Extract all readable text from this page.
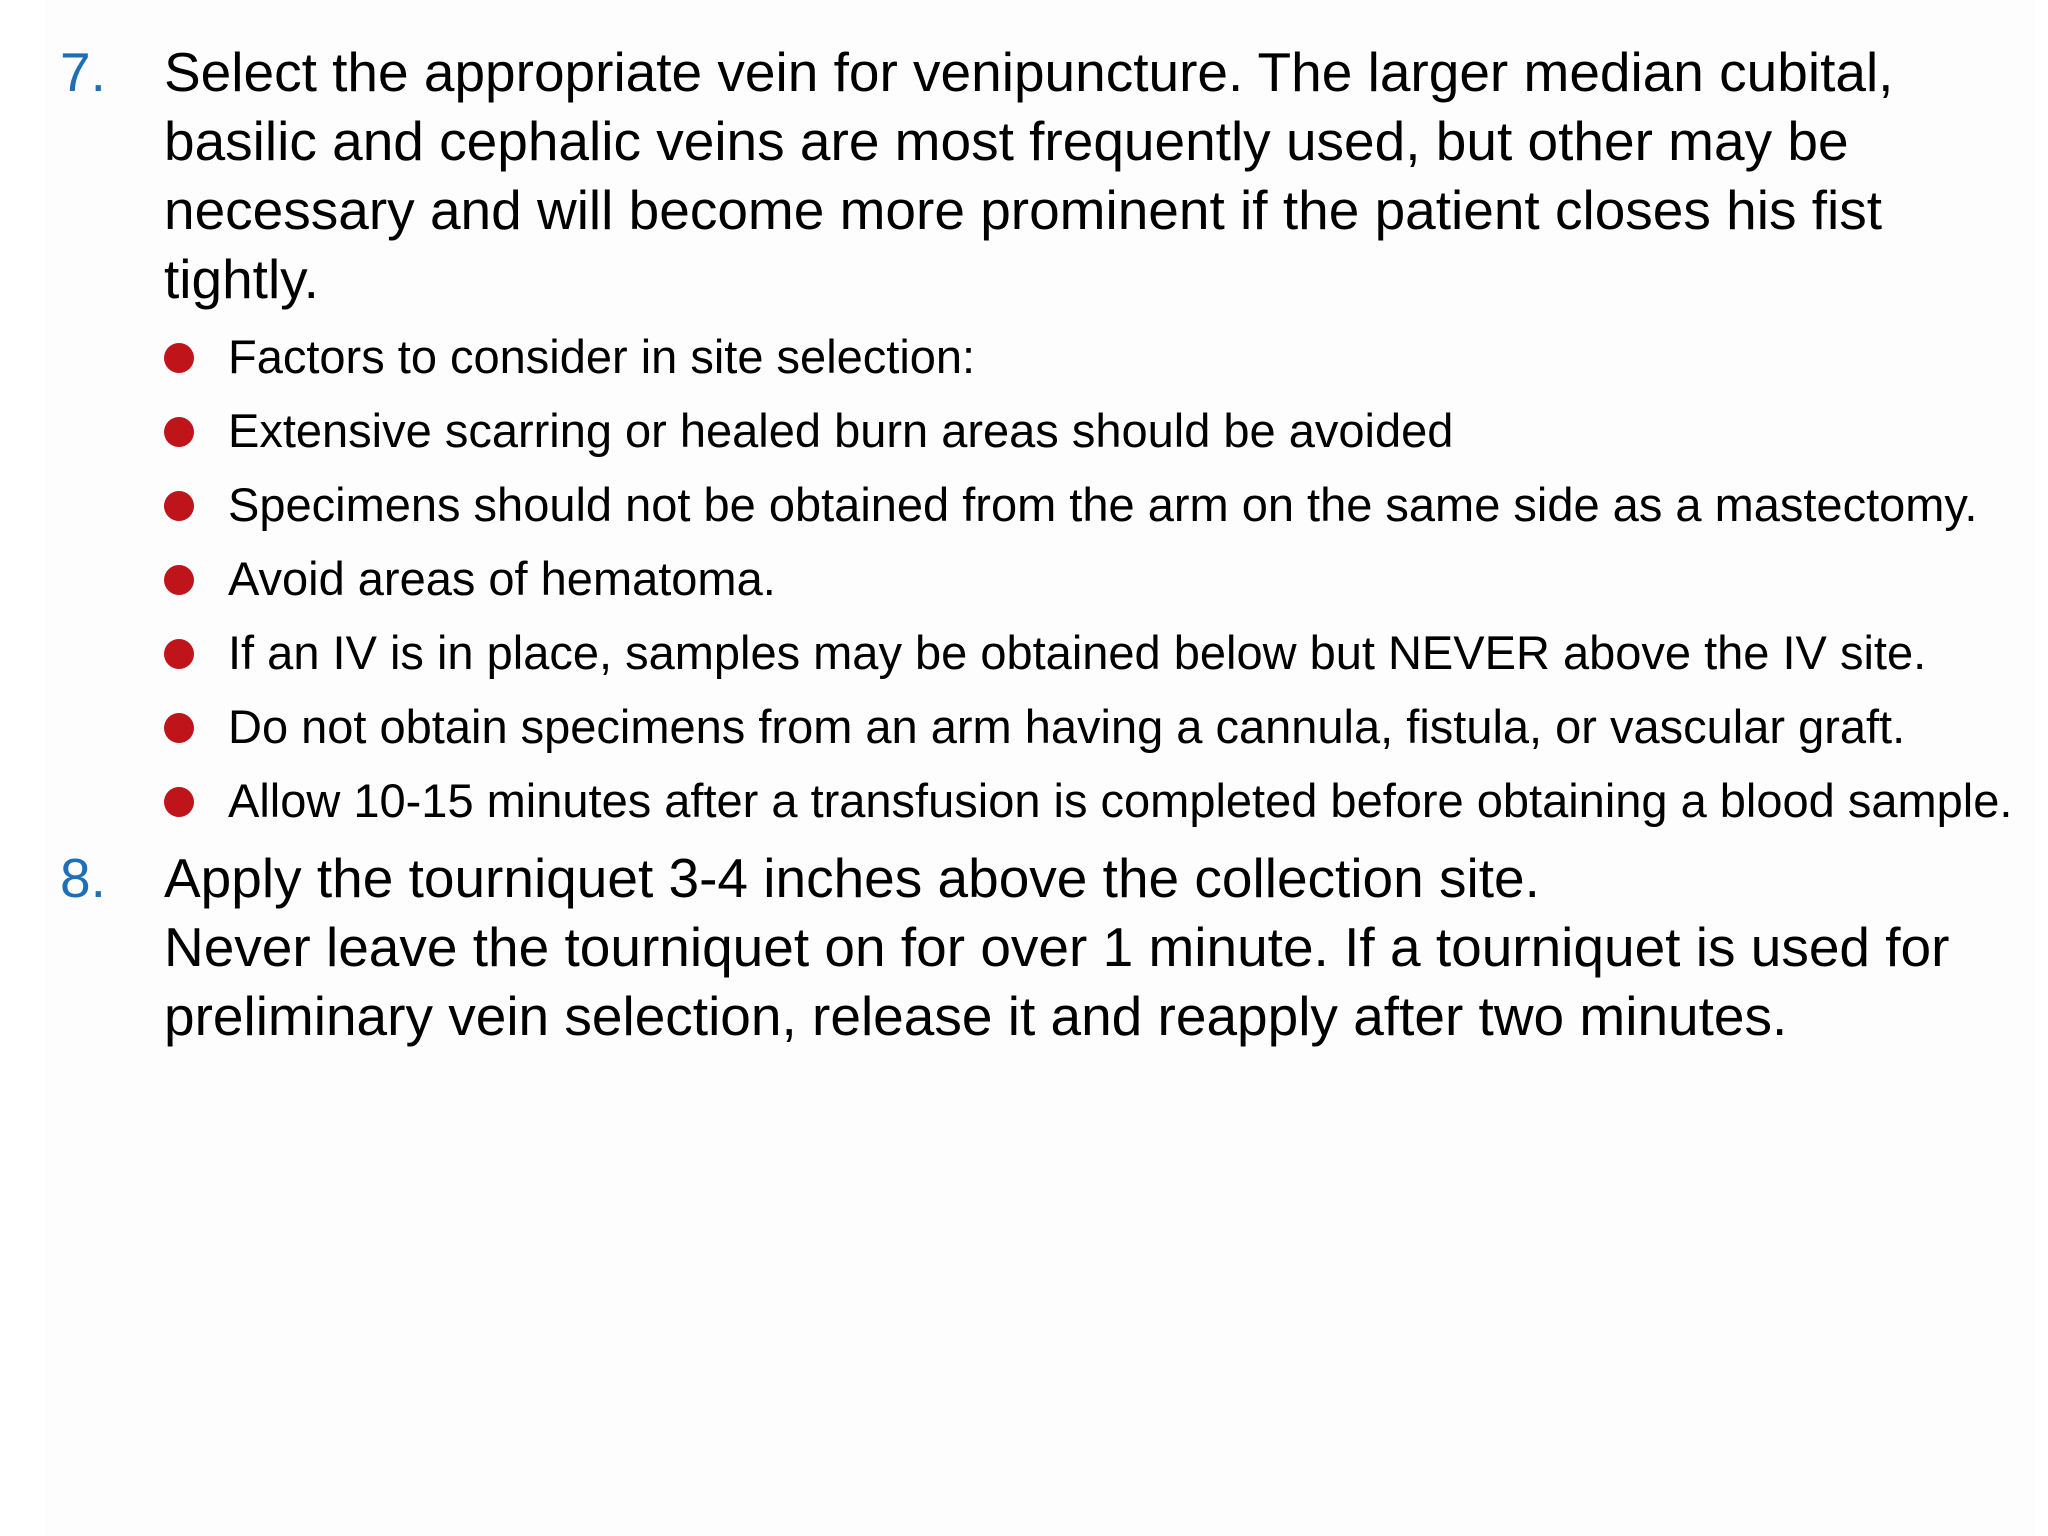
7. Select the appropriate vein for venipuncture. The larger median cubital, basilic and cephalic veins are most frequently used, but other may be necessary and will become more prominent if the patient closes his fist tightly.
Factors to consider in site selection:
Extensive scarring or healed burn areas should be avoided
Specimens should not be obtained from the arm on the same side as a mastectomy.
Avoid areas of hematoma.
If an IV is in place, samples may be obtained below but NEVER above the IV site.
Do not obtain specimens from an arm having a cannula, fistula, or vascular graft.
Allow 10-15 minutes after a transfusion is completed before obtaining a blood sample.
8. Apply the tourniquet 3-4 inches above the collection site.
Never leave the tourniquet on for over 1 minute. If a tourniquet is used for preliminary vein selection, release it and reapply after two minutes.
